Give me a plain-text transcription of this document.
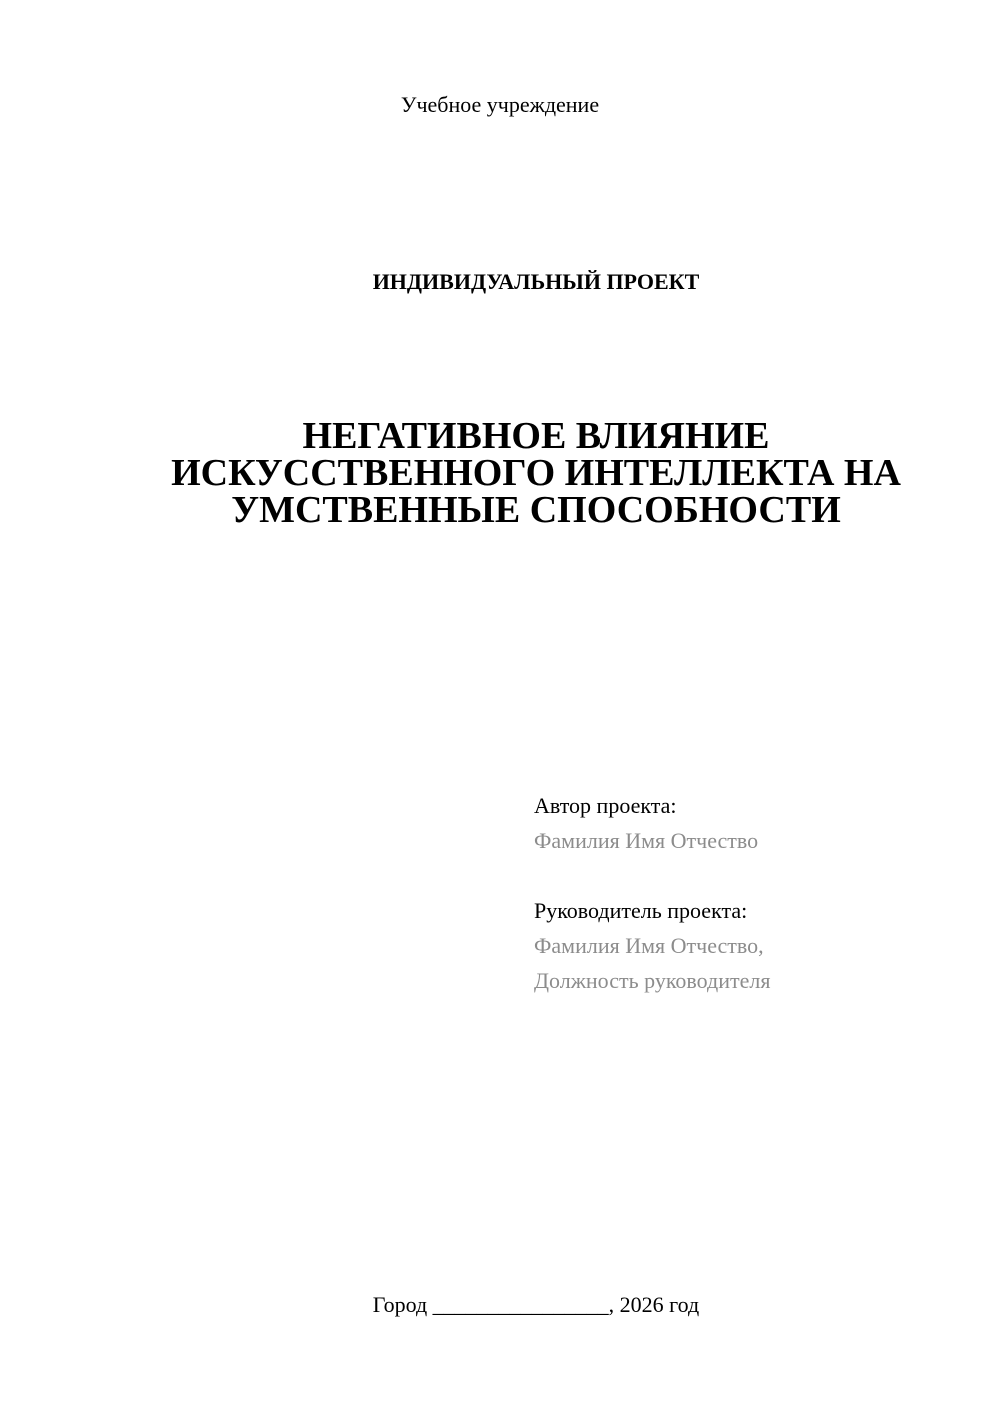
Учебное учреждение
ИНДИВИДУАЛЬНЫЙ ПРОЕКТ
НЕГАТИВНОЕ ВЛИЯНИЕ
ИСКУССТВЕННОГО ИНТЕЛЛЕКТА НА
УМСТВЕННЫЕ СПОСОБНОСТИ
Автор проекта:
Фамилия Имя Отчество
Руководитель проекта:
Фамилия Имя Отчество,
Должность руководителя
Город ________________, 2026 год
